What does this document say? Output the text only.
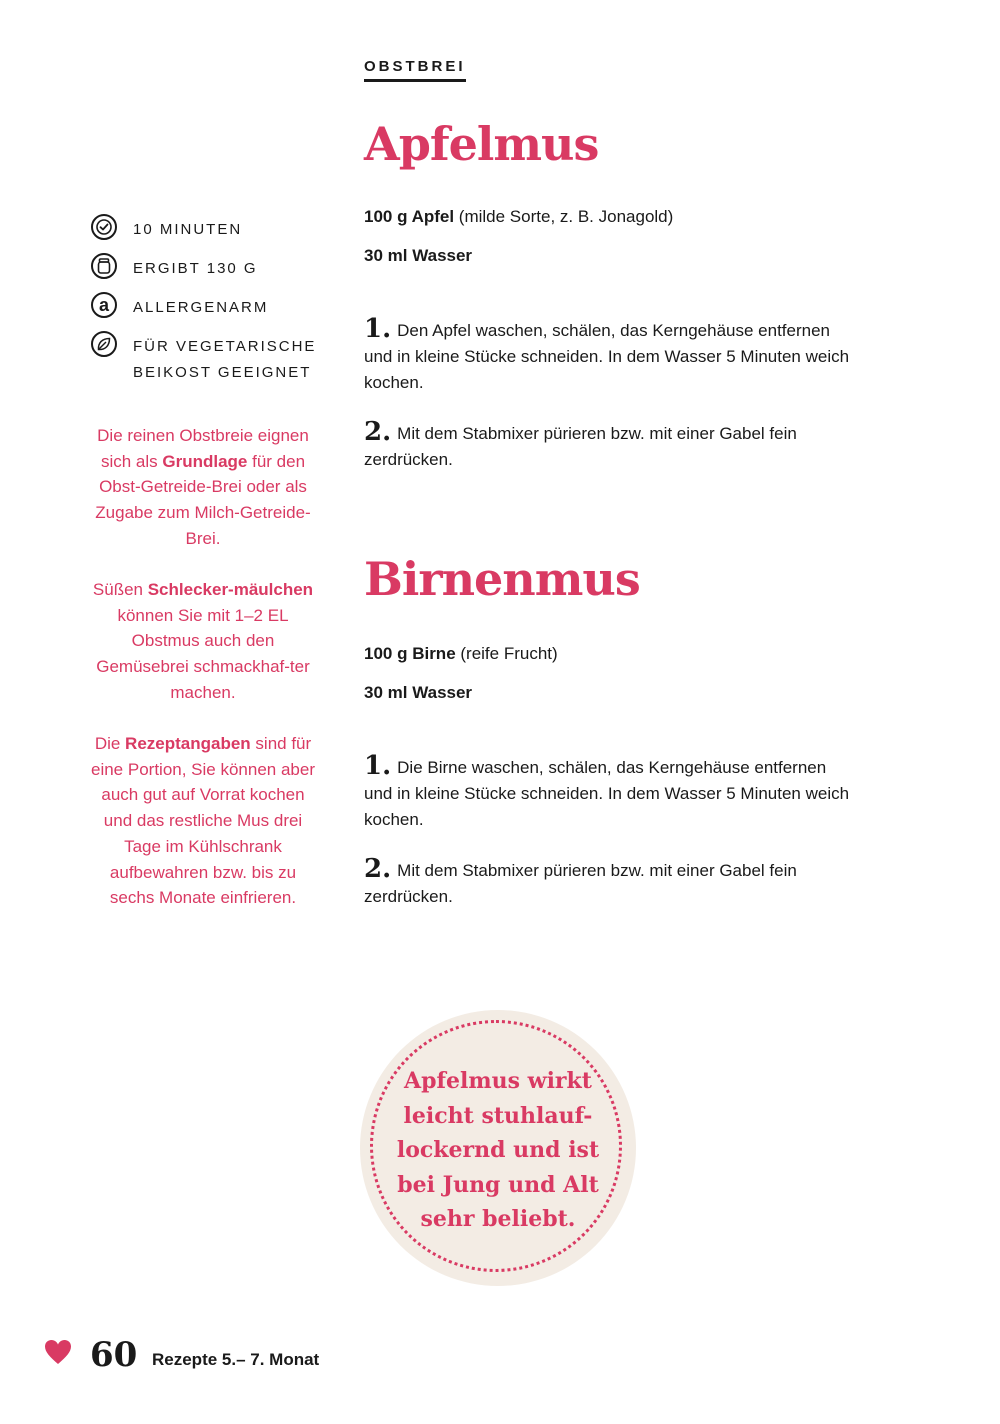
OBSTBREI
Apfelmus
100 g Apfel (milde Sorte, z. B. Jonagold)
30 ml Wasser
1. Den Apfel waschen, schälen, das Kerngehäuse entfernen und in kleine Stücke schneiden. In dem Wasser 5 Minuten weich kochen.
2. Mit dem Stabmixer pürieren bzw. mit einer Gabel fein zerdrücken.
Birnenmus
100 g Birne (reife Frucht)
30 ml Wasser
1. Die Birne waschen, schälen, das Kerngehäuse entfernen und in kleine Stücke schneiden. In dem Wasser 5 Minuten weich kochen.
2. Mit dem Stabmixer pürieren bzw. mit einer Gabel fein zerdrücken.
10 MINUTEN
ERGIBT 130 G
a	ALLERGENARM
FÜR VEGETARISCHE
BEIKOST GEEIGNET
Die reinen Obstbreie eignen sich als Grundlage für den Obst-Getreide-Brei oder als Zugabe zum Milch-Getreide-Brei.
Süßen Schlecker-mäulchen können Sie mit 1–2 EL Obstmus auch den Gemüsebrei schmackhaf-ter machen.
Die Rezeptangaben sind für eine Portion, Sie können aber auch gut auf Vorrat kochen und das restliche Mus drei Tage im Kühlschrank aufbewahren bzw. bis zu sechs Monate einfrieren.
Apfelmus wirkt leicht stuhlauf-lockernd und ist bei Jung und Alt sehr beliebt.
60 Rezepte 5.– 7. Monat
